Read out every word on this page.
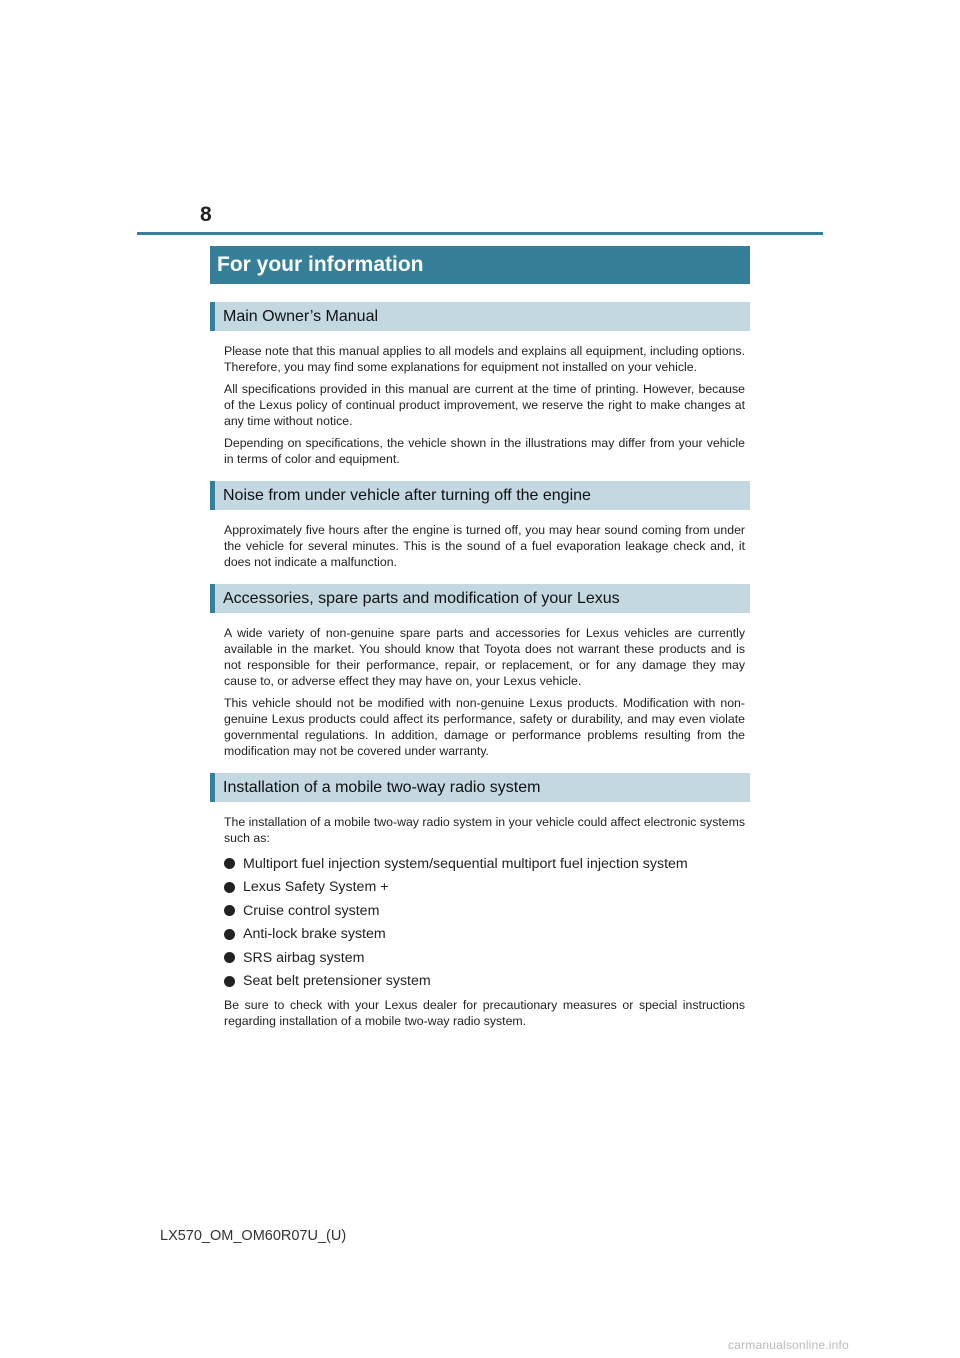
8
For your information
Main Owner’s Manual

Please note that this manual applies to all models and explains all equipment, including options. Therefore, you may find some explanations for equipment not installed on your vehicle.

All specifications provided in this manual are current at the time of printing. However, because of the Lexus policy of continual product improvement, we reserve the right to make changes at any time without notice.

Depending on specifications, the vehicle shown in the illustrations may differ from your vehicle in terms of color and equipment.

Noise from under vehicle after turning off the engine

Approximately five hours after the engine is turned off, you may hear sound coming from under the vehicle for several minutes. This is the sound of a fuel evaporation leakage check and, it does not indicate a malfunction.

Accessories, spare parts and modification of your Lexus

A wide variety of non-genuine spare parts and accessories for Lexus vehicles are currently available in the market. You should know that Toyota does not warrant these products and is not responsible for their performance, repair, or replacement, or for any damage they may cause to, or adverse effect they may have on, your Lexus vehicle.

This vehicle should not be modified with non-genuine Lexus products. Modification with non-genuine Lexus products could affect its performance, safety or durability, and may even violate governmental regulations. In addition, damage or performance problems resulting from the modification may not be covered under warranty.

Installation of a mobile two-way radio system

The installation of a mobile two-way radio system in your vehicle could affect electronic systems such as:

Multiport fuel injection system/sequential multiport fuel injection system
Lexus Safety System +
Cruise control system
Anti-lock brake system
SRS airbag system
Seat belt pretensioner system

Be sure to check with your Lexus dealer for precautionary measures or special instructions regarding installation of a mobile two-way radio system.

LX570_OM_OM60R07U_(U)
carmanualsonline.info
